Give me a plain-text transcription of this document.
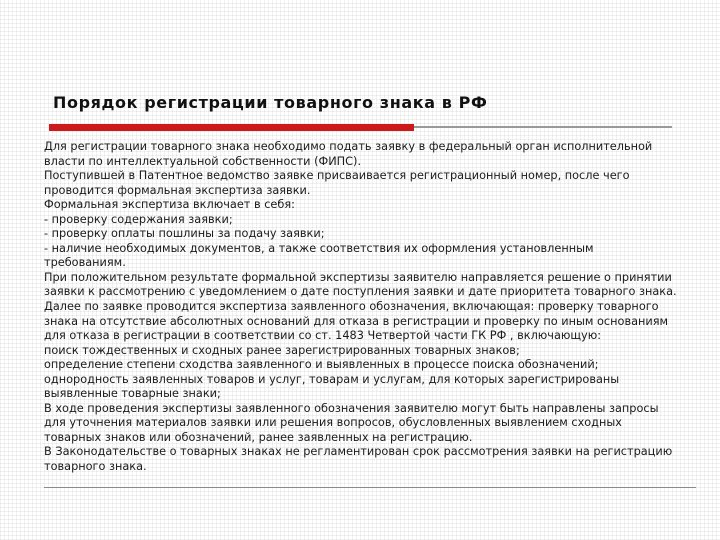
Порядок регистрации товарного знака в РФ
Для регистрации товарного знака необходимо подать заявку в федеральный орган исполнительной
власти по интеллектуальной собственности (ФИПС).
Поступившей в Патентное ведомство заявке присваивается регистрационный номер, после чего
проводится формальная экспертиза заявки.
Формальная экспертиза включает в себя:
- проверку содержания заявки;
- проверку оплаты пошлины за подачу заявки;
- наличие необходимых документов, а также соответствия их оформления установленным
требованиям.
При положительном результате формальной экспертизы заявителю направляется решение о принятии
заявки к рассмотрению с уведомлением о дате поступления заявки и дате приоритета товарного знака.
Далее по заявке проводится экспертиза заявленного обозначения, включающая: проверку товарного
знака на отсутствие абсолютных оснований для отказа в регистрации и проверку по иным основаниям
для отказа в регистрации в соответствии со ст. 1483 Четвертой части ГК РФ , включающую:
поиск тождественных и сходных ранее зарегистрированных товарных знаков;
определение степени сходства заявленного и выявленных в процессе поиска обозначений;
однородность заявленных товаров и услуг, товарам и услугам, для которых зарегистрированы
выявленные товарные знаки;
В ходе проведения экспертизы заявленного обозначения заявителю могут быть направлены запросы
для уточнения материалов заявки или решения вопросов, обусловленных выявлением сходных
товарных знаков или обозначений, ранее заявленных на регистрацию.
В Законодательстве о товарных знаках не регламентирован срок рассмотрения заявки на регистрацию
товарного знака.
